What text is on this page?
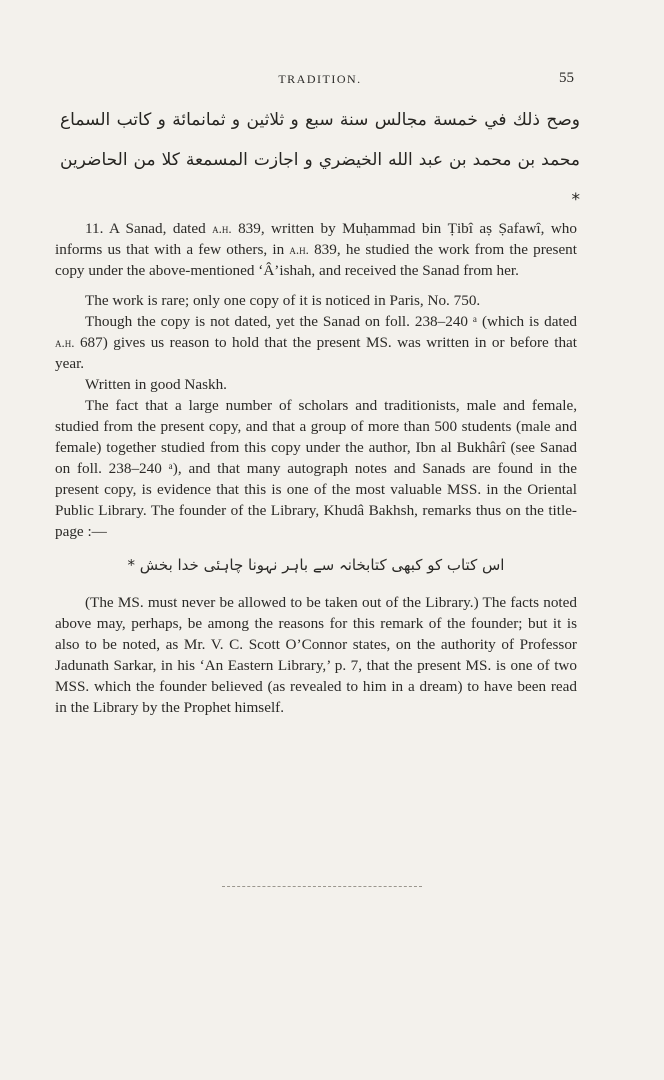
TRADITION.	55
وصح ذلك في خمسة مجالس سنة سبع و ثلاثين و ثمانمائة و كاتب السماع محمد بن محمد بن عبد الله الخيضري و اجازت المسمعة كلا من الحاضرين *

11. A Sanad, dated a.h. 839, written by Muḥammad bin Ṭibî aṣ Ṣafawî, who informs us that with a few others, in a.h. 839, he studied the work from the present copy under the above-mentioned ‘Â’ishah, and received the Sanad from her.

The work is rare; only one copy of it is noticed in Paris, No. 750.

Though the copy is not dated, yet the Sanad on foll. 238–240 ᵃ (which is dated a.h. 687) gives us reason to hold that the present MS. was written in or before that year.

Written in good Naskh.

The fact that a large number of scholars and traditionists, male and female, studied from the present copy, and that a group of more than 500 students (male and female) together studied from this copy under the author, Ibn al Bukhârî (see Sanad on foll. 238–240 ᵃ), and that many autograph notes and Sanads are found in the present copy, is evidence that this is one of the most valuable MSS. in the Oriental Public Library. The founder of the Library, Khudâ Bakhsh, remarks thus on the title-page :—

اس کتاب کو کبھی کتابخانہ سے باہر نہونا چاہئی خدا بخش *

(The MS. must never be allowed to be taken out of the Library.) The facts noted above may, perhaps, be among the reasons for this remark of the founder; but it is also to be noted, as Mr. V. C. Scott O’Connor states, on the authority of Professor Jadunath Sarkar, in his ‘An Eastern Library,’ p. 7, that the present MS. is one of two MSS. which the founder believed (as revealed to him in a dream) to have been read in the Library by the Prophet himself.
